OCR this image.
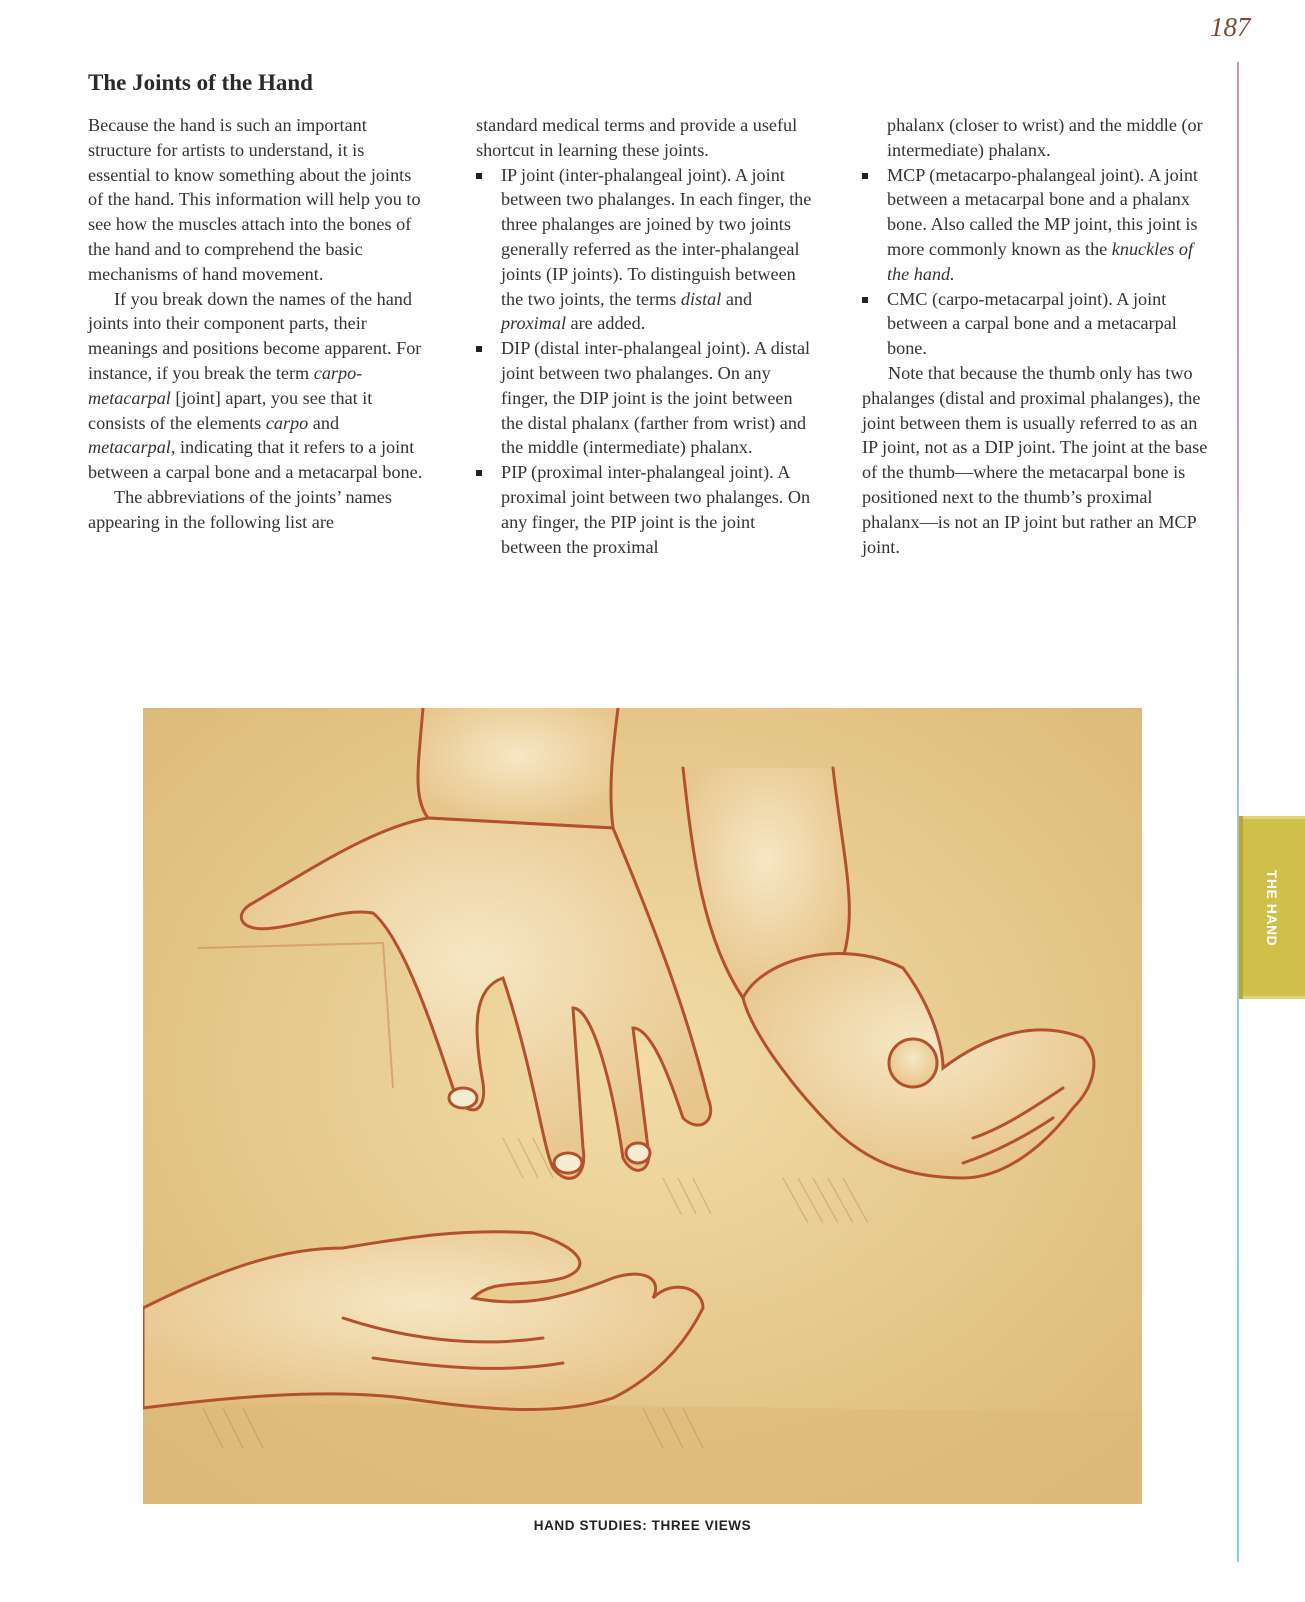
187
THE HAND
The Joints of the Hand

Because the hand is such an important structure for artists to understand, it is essential to know something about the joints of the hand. This information will help you to see how the muscles attach into the bones of the hand and to comprehend the basic mechanisms of hand movement.

If you break down the names of the hand joints into their component parts, their meanings and positions become apparent. For instance, if you break the term carpo-metacarpal [joint] apart, you see that it consists of the elements carpo and metacarpal, indicating that it refers to a joint between a carpal bone and a metacarpal bone.

The abbreviations of the joints’ names appearing in the following list are

standard medical terms and provide a useful shortcut in learning these joints.

IP joint (inter-phalangeal joint). A joint between two phalanges. In each finger, the three phalanges are joined by two joints generally referred as the inter-phalangeal joints (IP joints). To distinguish between the two joints, the terms distal and proximal are added.
DIP (distal inter-phalangeal joint). A distal joint between two phalanges. On any finger, the DIP joint is the joint between the distal phalanx (farther from wrist) and the middle (intermediate) phalanx.
PIP (proximal inter-phalangeal joint). A proximal joint between two phalanges. On any finger, the PIP joint is the joint between the proximal

phalanx (closer to wrist) and the middle (or intermediate) phalanx.

MCP (metacarpo-phalangeal joint). A joint between a metacarpal bone and a phalanx bone. Also called the MP joint, this joint is more commonly known as the knuckles of the hand.
CMC (carpo-metacarpal joint). A joint between a carpal bone and a metacarpal bone.

Note that because the thumb only has two phalanges (distal and proximal phalanges), the joint between them is usually referred to as an IP joint, not as a DIP joint. The joint at the base of the thumb—where the metacarpal bone is positioned next to the thumb’s proximal phalanx—is not an IP joint but rather an MCP joint.

HAND STUDIES: THREE VIEWS
